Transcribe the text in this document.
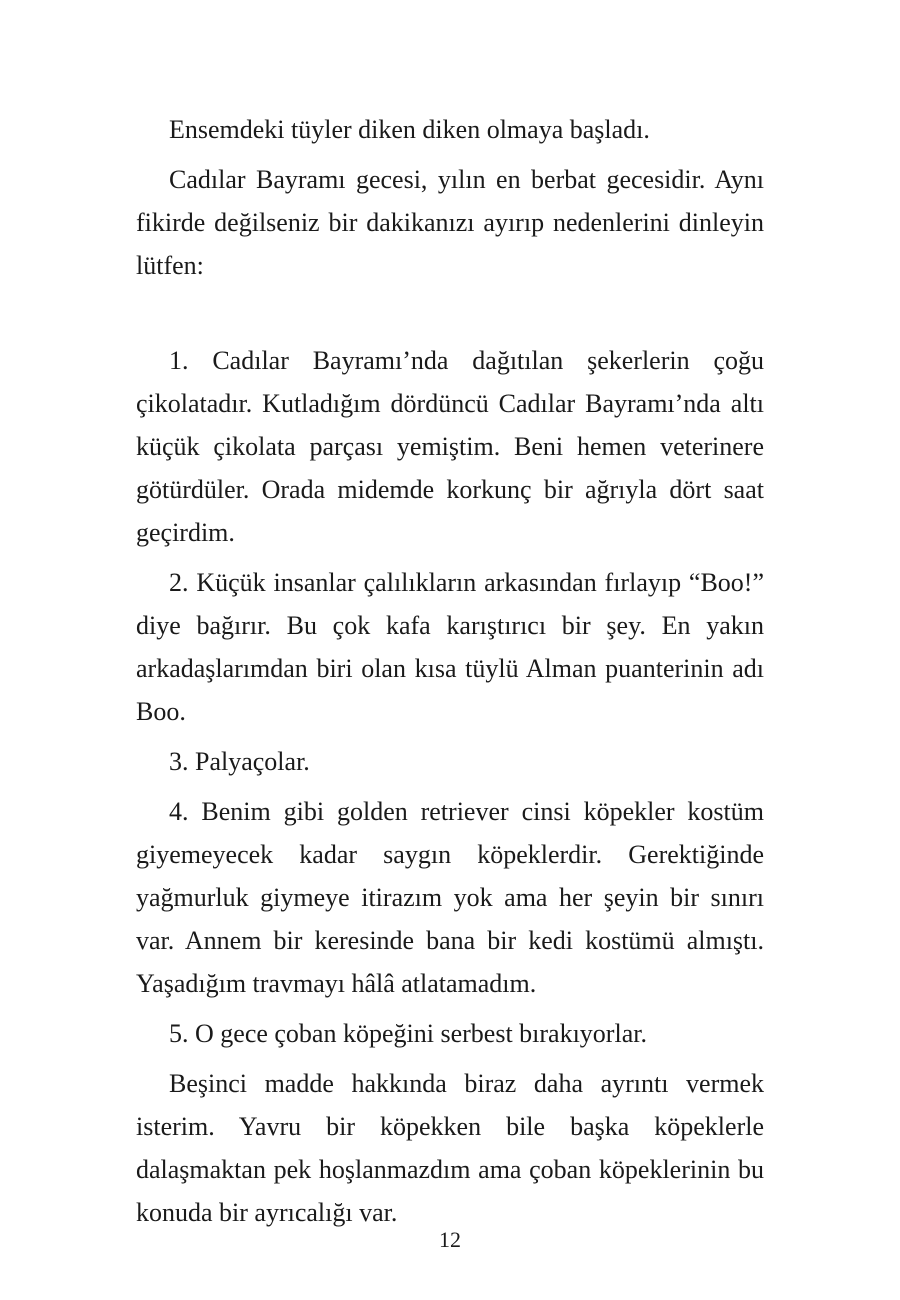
Ensemdeki tüyler diken diken olmaya başladı.

Cadılar Bayramı gecesi, yılın en berbat gecesidir. Aynı fikirde değilseniz bir dakikanızı ayırıp nedenlerini dinleyin lütfen:

1. Cadılar Bayramı’nda dağıtılan şekerlerin çoğu çikolatadır. Kutladığım dördüncü Cadılar Bayramı’nda altı küçük çikolata parçası yemiştim. Beni hemen veterinere götürdüler. Orada midemde korkunç bir ağrıyla dört saat geçirdim.

2. Küçük insanlar çalılıkların arkasından fırlayıp “Boo!” diye bağırır. Bu çok kafa karıştırıcı bir şey. En yakın arkadaşlarımdan biri olan kısa tüylü Alman puanterinin adı Boo.

3. Palyaçolar.

4. Benim gibi golden retriever cinsi köpekler kostüm giyemeyecek kadar saygın köpeklerdir. Gerektiğinde yağmurluk giymeye itirazım yok ama her şeyin bir sınırı var. Annem bir keresinde bana bir kedi kostümü almıştı. Yaşadığım travmayı hâlâ atlatamadım.

5. O gece çoban köpeğini serbest bırakıyorlar.

Beşinci madde hakkında biraz daha ayrıntı vermek isterim. Yavru bir köpekken bile başka köpeklerle dalaşmaktan pek hoşlanmazdım ama çoban köpeklerinin bu konuda bir ayrıcalığı var.

12
